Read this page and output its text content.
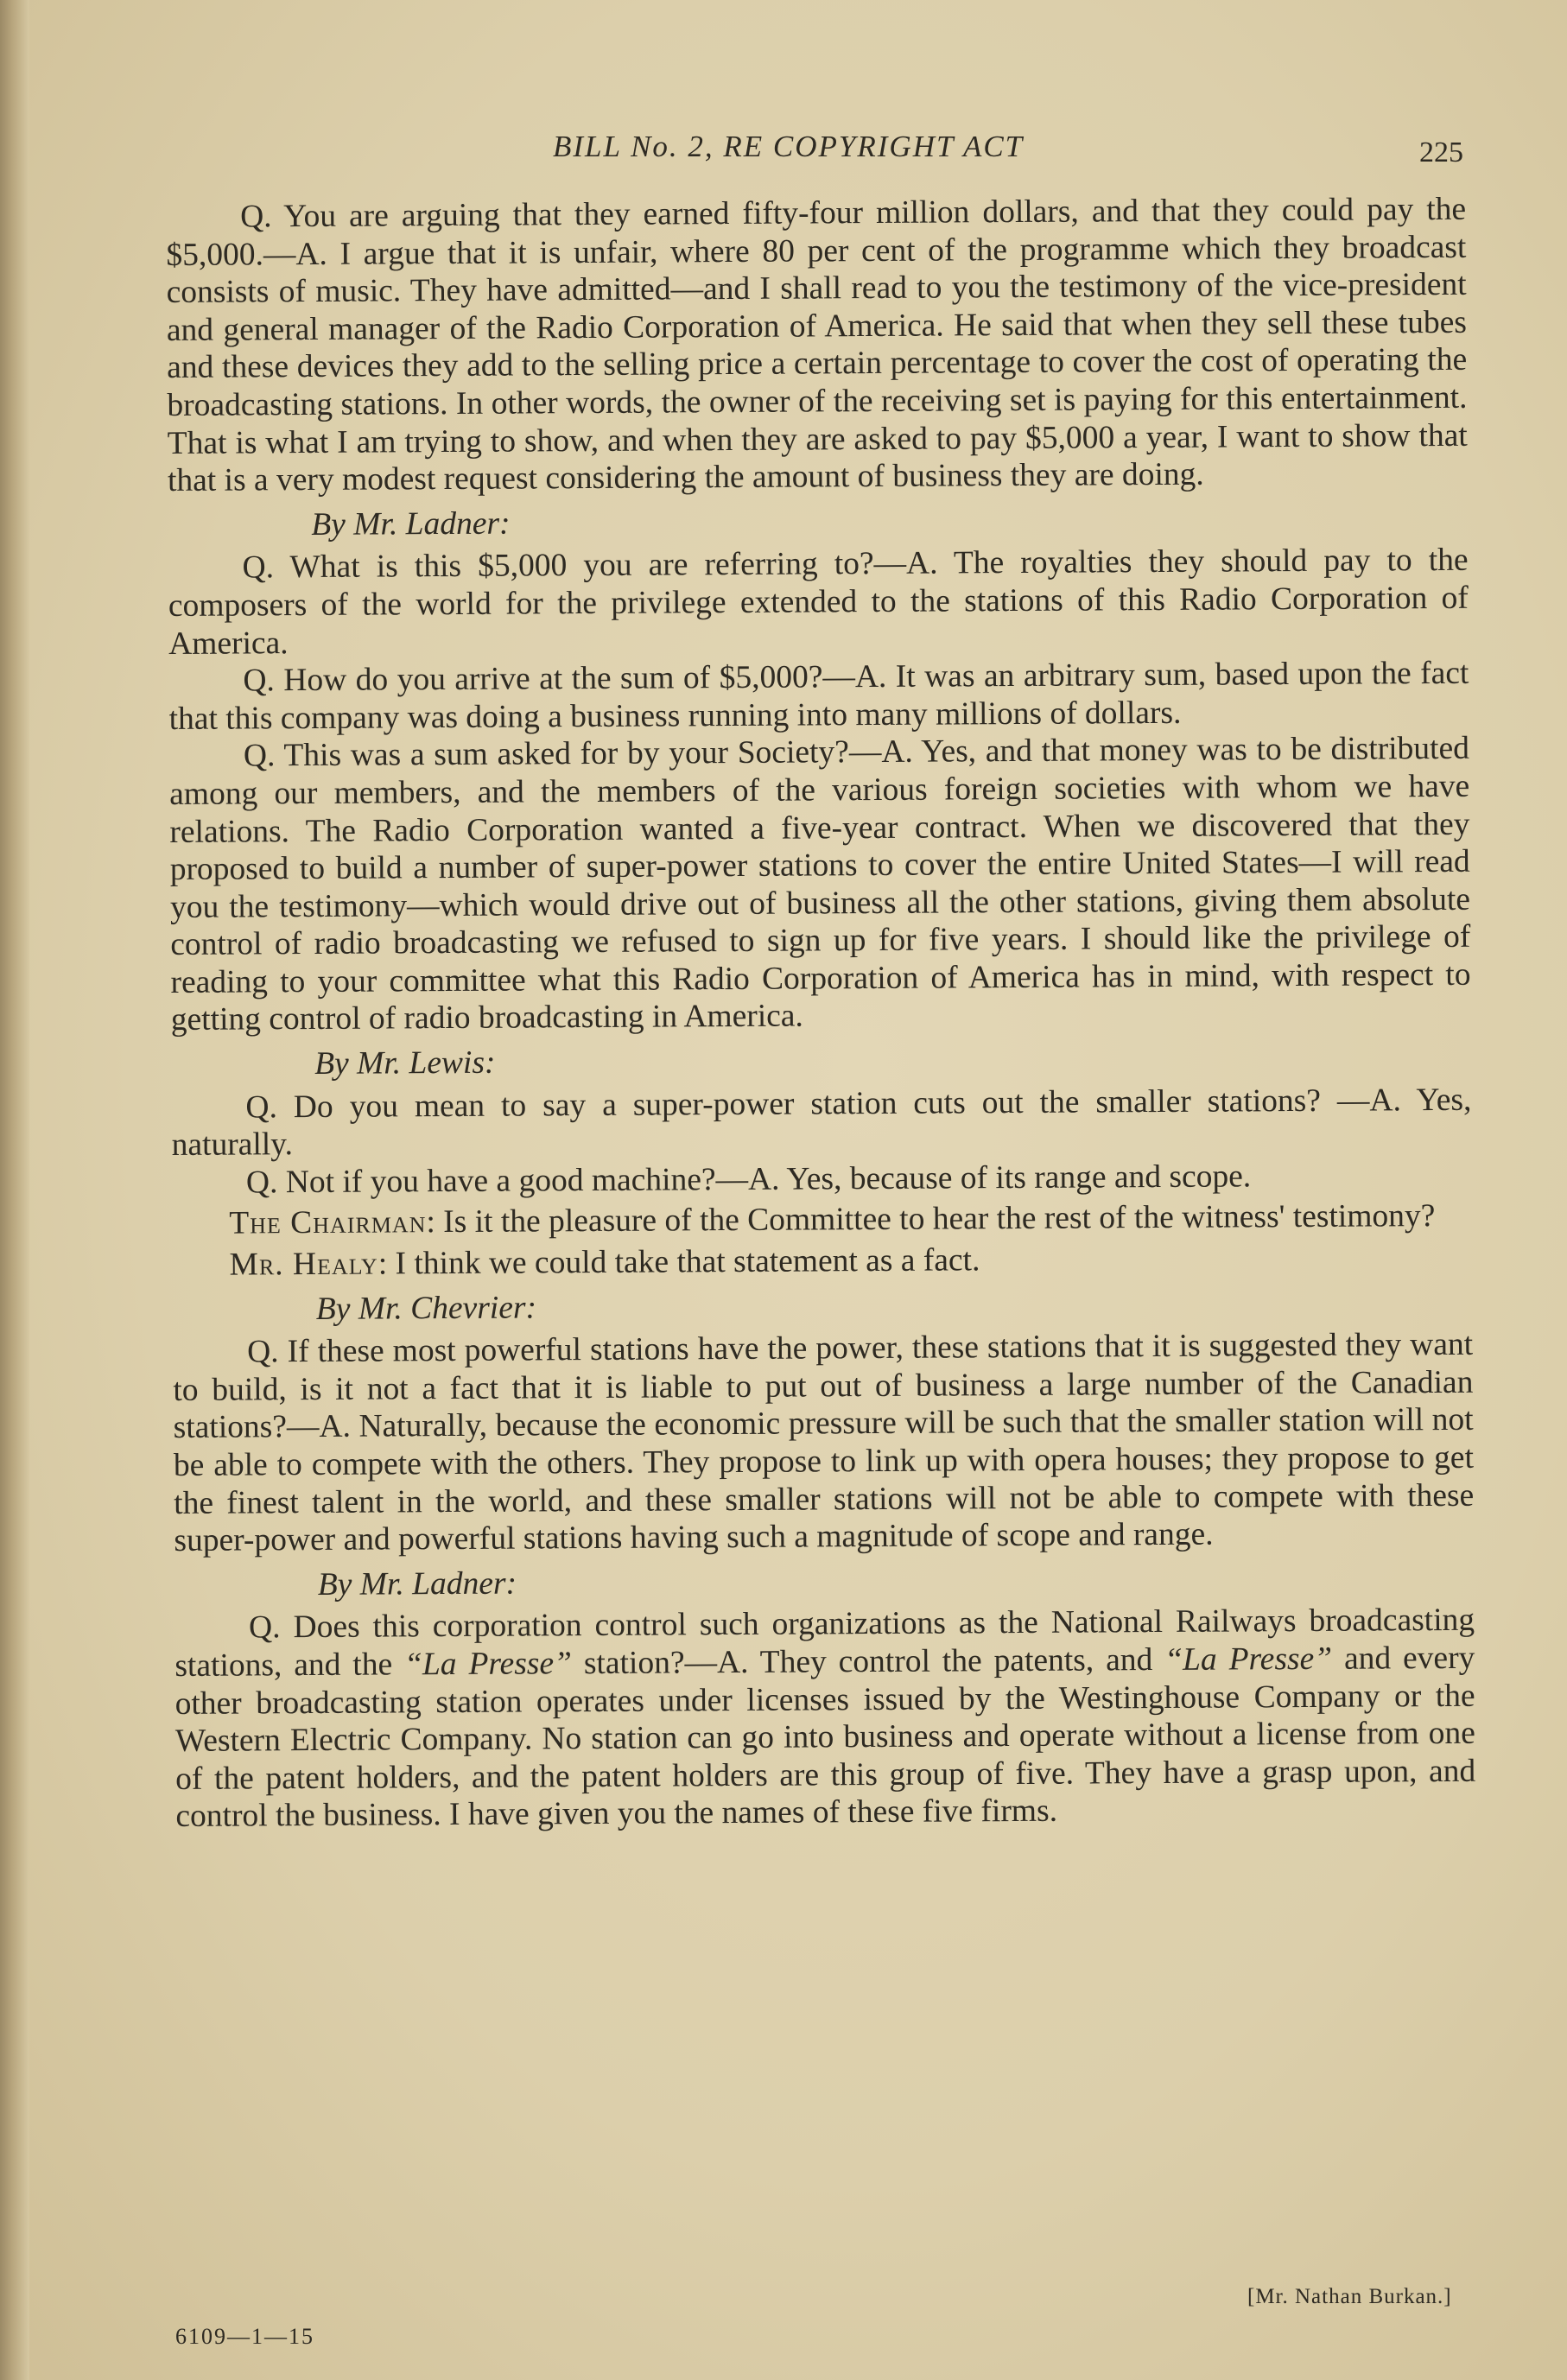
BILL No. 2, RE COPYRIGHT ACT	225

Q. You are arguing that they earned fifty-four million dollars, and that they could pay the $5,000.—A. I argue that it is unfair, where 80 per cent of the programme which they broadcast consists of music. They have admitted—and I shall read to you the testimony of the vice-president and general manager of the Radio Corporation of America. He said that when they sell these tubes and these devices they add to the selling price a certain percentage to cover the cost of operating the broadcasting stations. In other words, the owner of the receiving set is paying for this entertainment. That is what I am trying to show, and when they are asked to pay $5,000 a year, I want to show that that is a very modest request considering the amount of business they are doing.

By Mr. Ladner:

Q. What is this $5,000 you are referring to?—A. The royalties they should pay to the composers of the world for the privilege extended to the stations of this Radio Corporation of America.

Q. How do you arrive at the sum of $5,000?—A. It was an arbitrary sum, based upon the fact that this company was doing a business running into many millions of dollars.

Q. This was a sum asked for by your Society?—A. Yes, and that money was to be distributed among our members, and the members of the various foreign societies with whom we have relations. The Radio Corporation wanted a five-year contract. When we discovered that they proposed to build a number of super-power stations to cover the entire United States—I will read you the testimony—which would drive out of business all the other stations, giving them absolute control of radio broadcasting we refused to sign up for five years. I should like the privilege of reading to your committee what this Radio Corporation of America has in mind, with respect to getting control of radio broadcasting in America.

By Mr. Lewis:

Q. Do you mean to say a super-power station cuts out the smaller stations? —A. Yes, naturally.

Q. Not if you have a good machine?—A. Yes, because of its range and scope.

The Chairman: Is it the pleasure of the Committee to hear the rest of the witness' testimony?

Mr. Healy: I think we could take that statement as a fact.

By Mr. Chevrier:

Q. If these most powerful stations have the power, these stations that it is suggested they want to build, is it not a fact that it is liable to put out of business a large number of the Canadian stations?—A. Naturally, because the economic pressure will be such that the smaller station will not be able to compete with the others. They propose to link up with opera houses; they propose to get the finest talent in the world, and these smaller stations will not be able to compete with these super-power and powerful stations having such a magnitude of scope and range.

By Mr. Ladner:

Q. Does this corporation control such organizations as the National Railways broadcasting stations, and the “La Presse” station?—A. They control the patents, and “La Presse” and every other broadcasting station operates under licenses issued by the Westinghouse Company or the Western Electric Company. No station can go into business and operate without a license from one of the patent holders, and the patent holders are this group of five. They have a grasp upon, and control the business. I have given you the names of these five firms.

[Mr. Nathan Burkan.]
6109—1—15
